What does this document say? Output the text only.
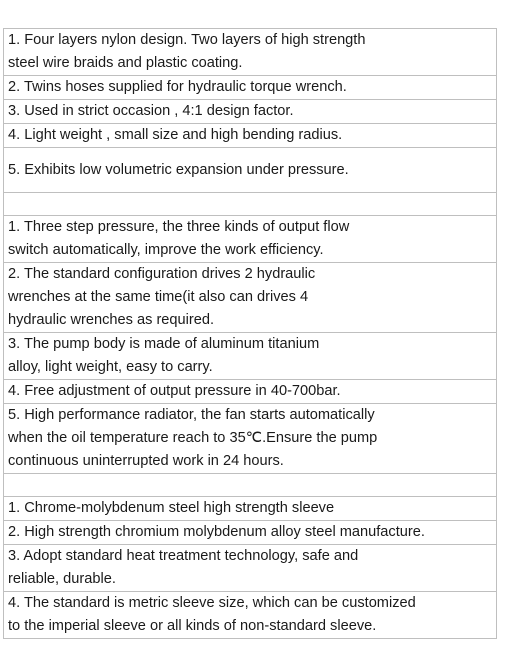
1. Four layers nylon design. Two layers of high strength
steel wire braids and plastic coating.

2. Twins hoses supplied for hydraulic torque wrench.

3. Used in strict occasion , 4:1 design factor.

4. Light weight , small size and high bending radius.

5. Exhibits low volumetric expansion under pressure.

1. Three step pressure, the three kinds of output flow
switch automatically, improve the work efficiency.

2. The standard configuration drives 2 hydraulic
wrenches at the same time(it also can drives 4
hydraulic wrenches as required.

3. The pump body is made of aluminum titanium
alloy, light weight, easy to carry.

4. Free adjustment of output pressure in 40-700bar.

5. High performance radiator, the fan starts automatically
when the oil temperature reach to 35℃.Ensure the pump
continuous uninterrupted work in 24 hours.

1. Chrome-molybdenum steel high strength sleeve

2. High strength chromium molybdenum alloy steel manufacture.

3. Adopt standard heat treatment technology, safe and
reliable, durable.

4. The standard is metric sleeve size, which can be customized
to the imperial sleeve or all kinds of non-standard sleeve.
